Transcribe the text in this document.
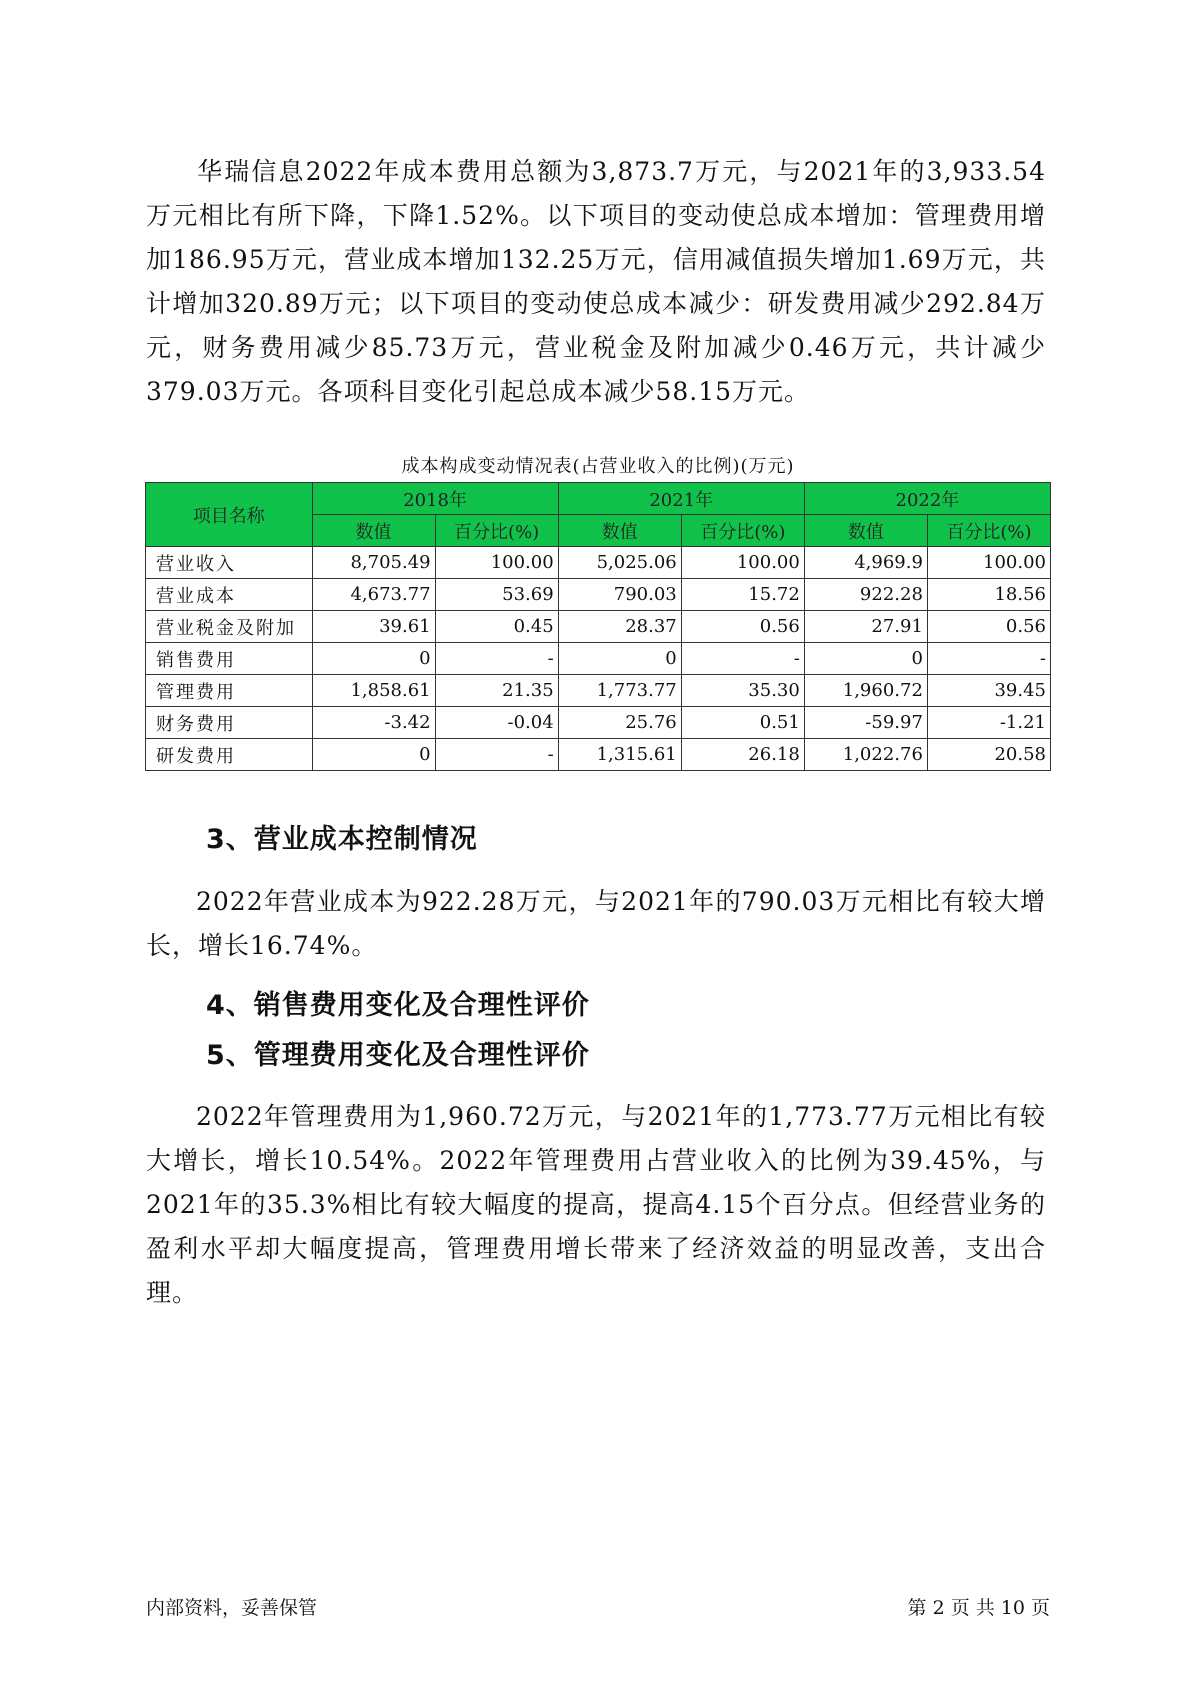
华瑞信息2022年成本费用总额为3,873.7万元，与2021年的3,933.54万元相比有所下降，下降1.52%。以下项目的变动使总成本增加：管理费用增加186.95万元，营业成本增加132.25万元，信用减值损失增加1.69万元，共计增加320.89万元；以下项目的变动使总成本减少：研发费用减少292.84万元，财务费用减少85.73万元，营业税金及附加减少0.46万元，共计减少379.03万元。各项科目变化引起总成本减少58.15万元。

成本构成变动情况表(占营业收入的比例)(万元)
项目名称	2018年		2021年		2022年	
	数值	百分比(%)	数值	百分比(%)	数值	百分比(%)
营业收入	8,705.49	100.00	5,025.06	100.00	4,969.9	100.00
营业成本	4,673.77	53.69	790.03	15.72	922.28	18.56
营业税金及附加	39.61	0.45	28.37	0.56	27.91	0.56
销售费用	0	-	0	-	0	-
管理费用	1,858.61	21.35	1,773.77	35.30	1,960.72	39.45
财务费用	-3.42	-0.04	25.76	0.51	-59.97	-1.21
研发费用	0	-	1,315.61	26.18	1,022.76	20.58
3、营业成本控制情况

2022年营业成本为922.28万元，与2021年的790.03万元相比有较大增长，增长16.74%。

4、销售费用变化及合理性评价
5、管理费用变化及合理性评价

2022年管理费用为1,960.72万元，与2021年的1,773.77万元相比有较大增长，增长10.54%。2022年管理费用占营业收入的比例为39.45%，与2021年的35.3%相比有较大幅度的提高，提高4.15个百分点。但经营业务的盈利水平却大幅度提高，管理费用增长带来了经济效益的明显改善，支出合理。

内部资料，妥善保管	第 2 页 共 10 页
